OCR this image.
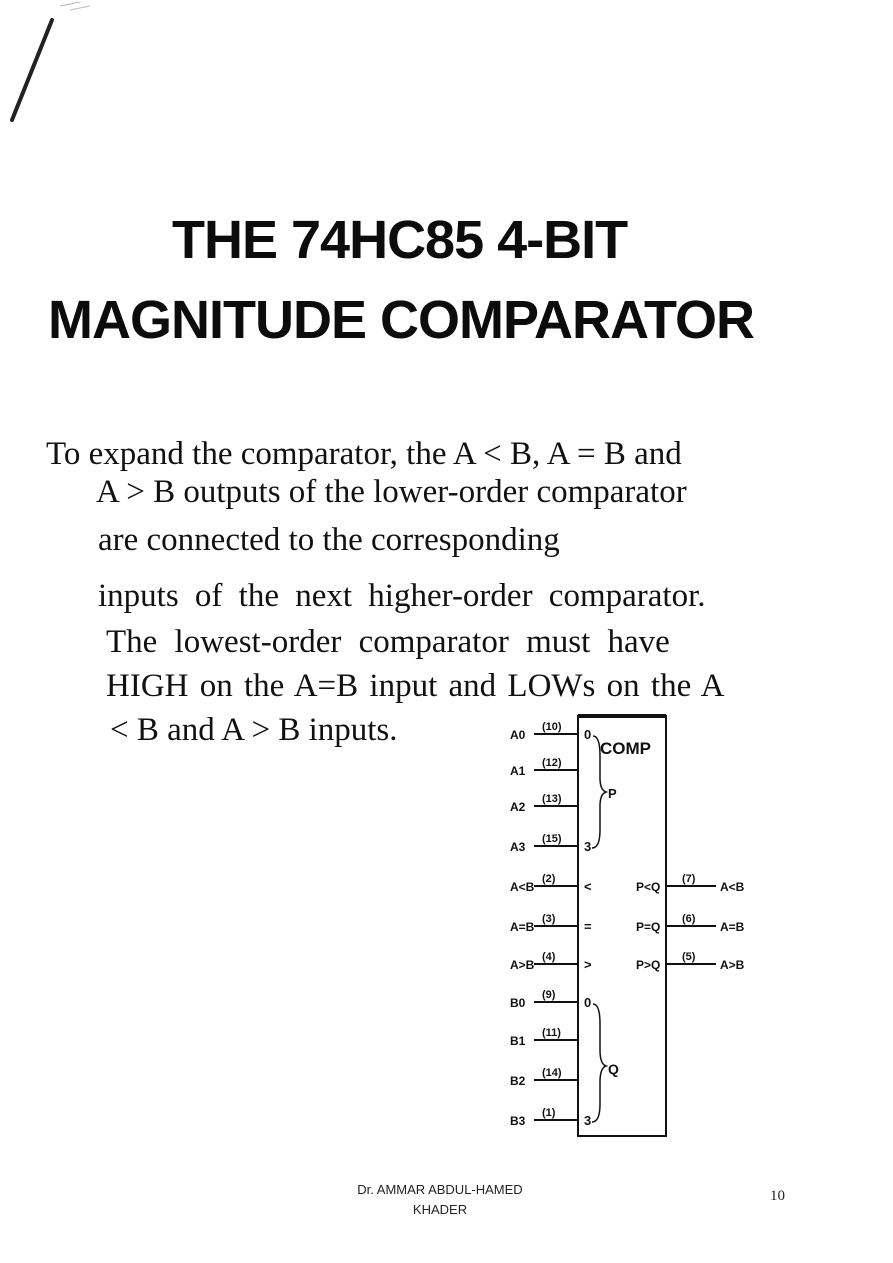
THE 74HC85 4-BIT
MAGNITUDE COMPARATOR
To expand the comparator, the A < B, A = B and
A > B outputs of the lower-order comparator
are connected to the corresponding
inputs of the next higher-order comparator.
The lowest-order comparator must have
HIGH on the A=B input and LOWs on the A
< B and A > B inputs.
COMP
A0
(10) 0
A1
(12)
A2
(13)
A3
(15) 3
A<B
(2) <
A=B
(3) =
A>B
(4) >
B0
(9) 0
B1
(11)
B2
(14)
B3
(1) 3
P
Q
P<Q
(7)
A<B
P=Q
(6)
A=B
P>Q
(5)
A>B
Dr. AMMAR ABDUL-HAMED
KHADER
10
